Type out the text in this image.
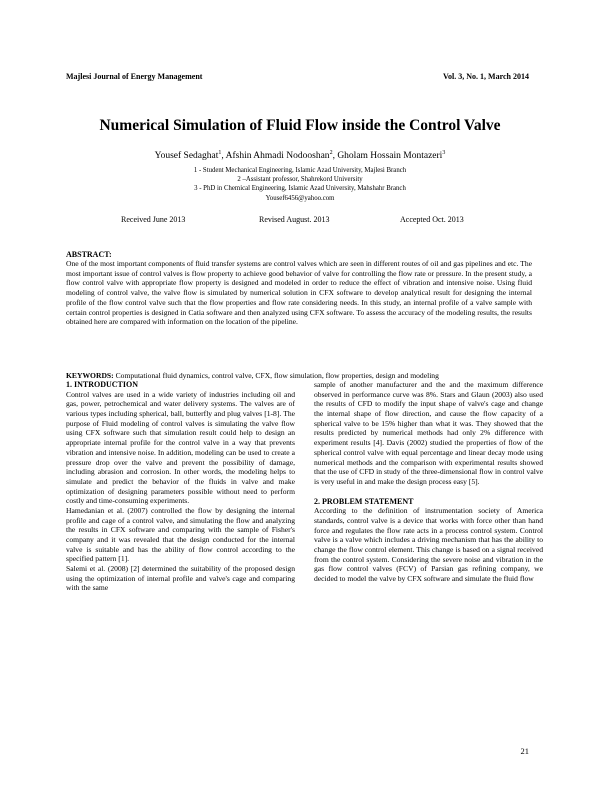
Majlesi Journal of Energy Management	Vol. 3, No. 1, March 2014
Numerical Simulation of Fluid Flow inside the Control Valve
Yousef Sedaghat$^1$, Afshin Ahmadi Nodooshan$^2$, Gholam Hossain Montazeri$^3$
1 - Student Mechanical Engineering, Islamic Azad University, Majlesi Branch
2 –Assistant professor, Shahrekord University
3 - PhD in Chemical Engineering, Islamic Azad University, Mahshahr Branch
Yousef6456@yahoo.com
Received June 2013	Revised August. 2013	Accepted Oct. 2013
ABSTRACT:
One of the most important components of fluid transfer systems are control valves which are seen in different routes of oil and gas pipelines and etc. The most important issue of control valves is flow property to achieve good behavior of valve for controlling the flow rate or pressure. In the present study, a flow control valve with appropriate flow property is designed and modeled in order to reduce the effect of vibration and intensive noise. Using fluid modeling of control valve, the valve flow is simulated by numerical solution in CFX software to develop analytical result for designing the internal profile of the flow control valve such that the flow properties and flow rate considering needs. In this study, an internal profile of a valve sample with certain control properties is designed in Catia software and then analyzed using CFX software. To assess the accuracy of the modeling results, the results obtained here are compared with information on the location of the pipeline.
KEYWORDS: Computational fluid dynamics, control valve, CFX, flow simulation, flow properties, design and modeling

1. INTRODUCTION

Control valves are used in a wide variety of industries including oil and gas, power, petrochemical and water delivery systems. The valves are of various types including spherical, ball, butterfly and plug valves [1-8]. The purpose of Fluid modeling of control valves is simulating the valve flow using CFX software such that simulation result could help to design an appropriate internal profile for the control valve in a way that prevents vibration and intensive noise. In addition, modeling can be used to create a pressure drop over the valve and prevent the possibility of damage, including abrasion and corrosion. In other words, the modeling helps to simulate and predict the behavior of the fluids in valve and make optimization of designing parameters possible without need to perform costly and time-consuming experiments.

Hamedanian et al. (2007) controlled the flow by designing the internal profile and cage of a control valve, and simulating the flow and analyzing the results in CFX software and comparing with the sample of Fisher's company and it was revealed that the design conducted for the internal valve is suitable and has the ability of flow control according to the specified pattern [1].

Salemi et al. (2008) [2] determined the suitability of the proposed design using the optimization of internal profile and valve's cage and comparing with the same

sample of another manufacturer and the and the maximum difference observed in performance curve was 8%. Stars and Glaun (2003) also used the results of CFD to modify the input shape of valve's cage and change the internal shape of flow direction, and cause the flow capacity of a spherical valve to be 15% higher than what it was. They showed that the results predicted by numerical methods had only 2% difference with experiment results [4]. Davis (2002) studied the properties of flow of the spherical control valve with equal percentage and linear decay mode using numerical methods and the comparison with experimental results showed that the use of CFD in study of the three-dimensional flow in control valve is very useful in and make the design process easy [5].

2. PROBLEM STATEMENT

According to the definition of instrumentation society of America standards, control valve is a device that works with force other than hand force and regulates the flow rate acts in a process control system. Control valve is a valve which includes a driving mechanism that has the ability to change the flow control element. This change is based on a signal received from the control system. Considering the severe noise and vibration in the gas flow control valves (FCV) of Parsian gas refining company, we decided to model the valve by CFX software and simulate the fluid flow

21
